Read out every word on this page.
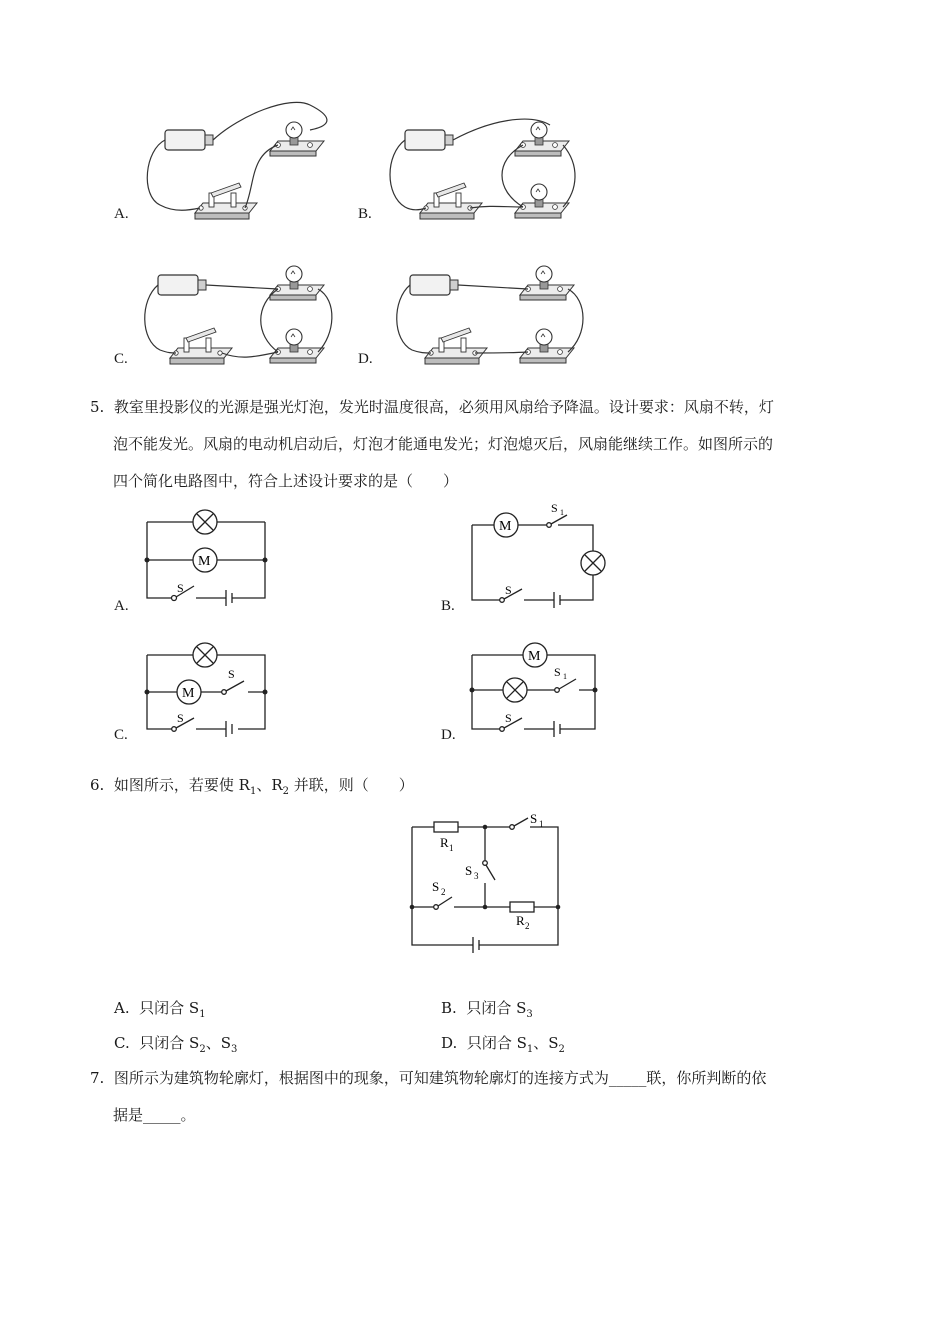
A.	B.
C.	D.
5. 教室里投影仪的光源是强光灯泡，发光时温度很高，必须用风扇给予降温。设计要求：风扇不转，灯
泡不能发光。风扇的电动机启动后，灯泡才能通电发光；灯泡熄灭后，风扇能继续工作。如图所示的
四个简化电路图中，符合上述设计要求的是（　　）
A.	B.
C.	D.
M
S
M
S 1
S
M
S
S
M
S 1
S
6. 如图所示，若要使 $R_1$、$R_2$ 并联，则（　　）
R 1
S 1
S 3
S 2
R 2
A. 只闭合 $S_1$	B. 只闭合 $S_3$
C. 只闭合 $S_2$、$S_3$	D. 只闭合 $S_1$、$S_2$
7. 图所示为建筑物轮廓灯，根据图中的现象，可知建筑物轮廓灯的连接方式为_____联，你所判断的依
据是_____。
